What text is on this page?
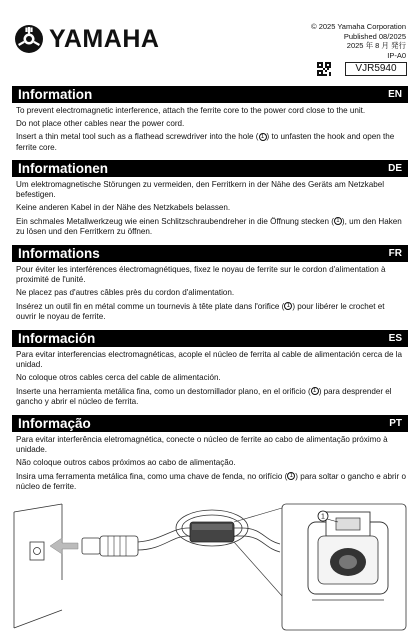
YAMAHA	© 2025 Yamaha Corporation
Published 08/2025
2025 年 8 月 発行
IP-A0
VJR5940
Information	EN
To prevent electromagnetic interference, attach the ferrite core to the power cord close to the unit.
Do not place other cables near the power cord.
Insert a thin metal tool such as a flathead screwdriver into the hole ( 1 ) to unfasten the hook and open the ferrite core.
Informationen	DE
Um elektromagnetische Störungen zu vermeiden, den Ferritkern in der Nähe des Geräts am Netzkabel befestigen.
Keine anderen Kabel in der Nähe des Netzkabels belassen.
Ein schmales Metallwerkzeug wie einen Schlitzschraubendreher in die Öffnung stecken ( 1 ), um den Haken zu lösen und den Ferritkern zu öffnen.
Informations	FR
Pour éviter les interférences électromagnétiques, fixez le noyau de ferrite sur le cordon d'alimentation à proximité de l'unité.
Ne placez pas d'autres câbles près du cordon d'alimentation.
Insérez un outil fin en métal comme un tournevis à tête plate dans l'orifice ( 1 ) pour libérer le crochet et ouvrir le noyau de ferrite.
Información	ES
Para evitar interferencias electromagnéticas, acople el núcleo de ferrita al cable de alimentación cerca de la unidad.
No coloque otros cables cerca del cable de alimentación.
Inserte una herramienta metálica fina, como un destornillador plano, en el orificio ( 1 ) para desprender el gancho y abrir el núcleo de ferrita.
Informação	PT
Para evitar interferência eletromagnética, conecte o núcleo de ferrite ao cabo de alimentação próximo à unidade.
Não coloque outros cabos próximos ao cabo de alimentação.
Insira uma ferramenta metálica fina, como uma chave de fenda, no orifício ( 1 ) para soltar o gancho e abrir o núcleo de ferrite.
1
